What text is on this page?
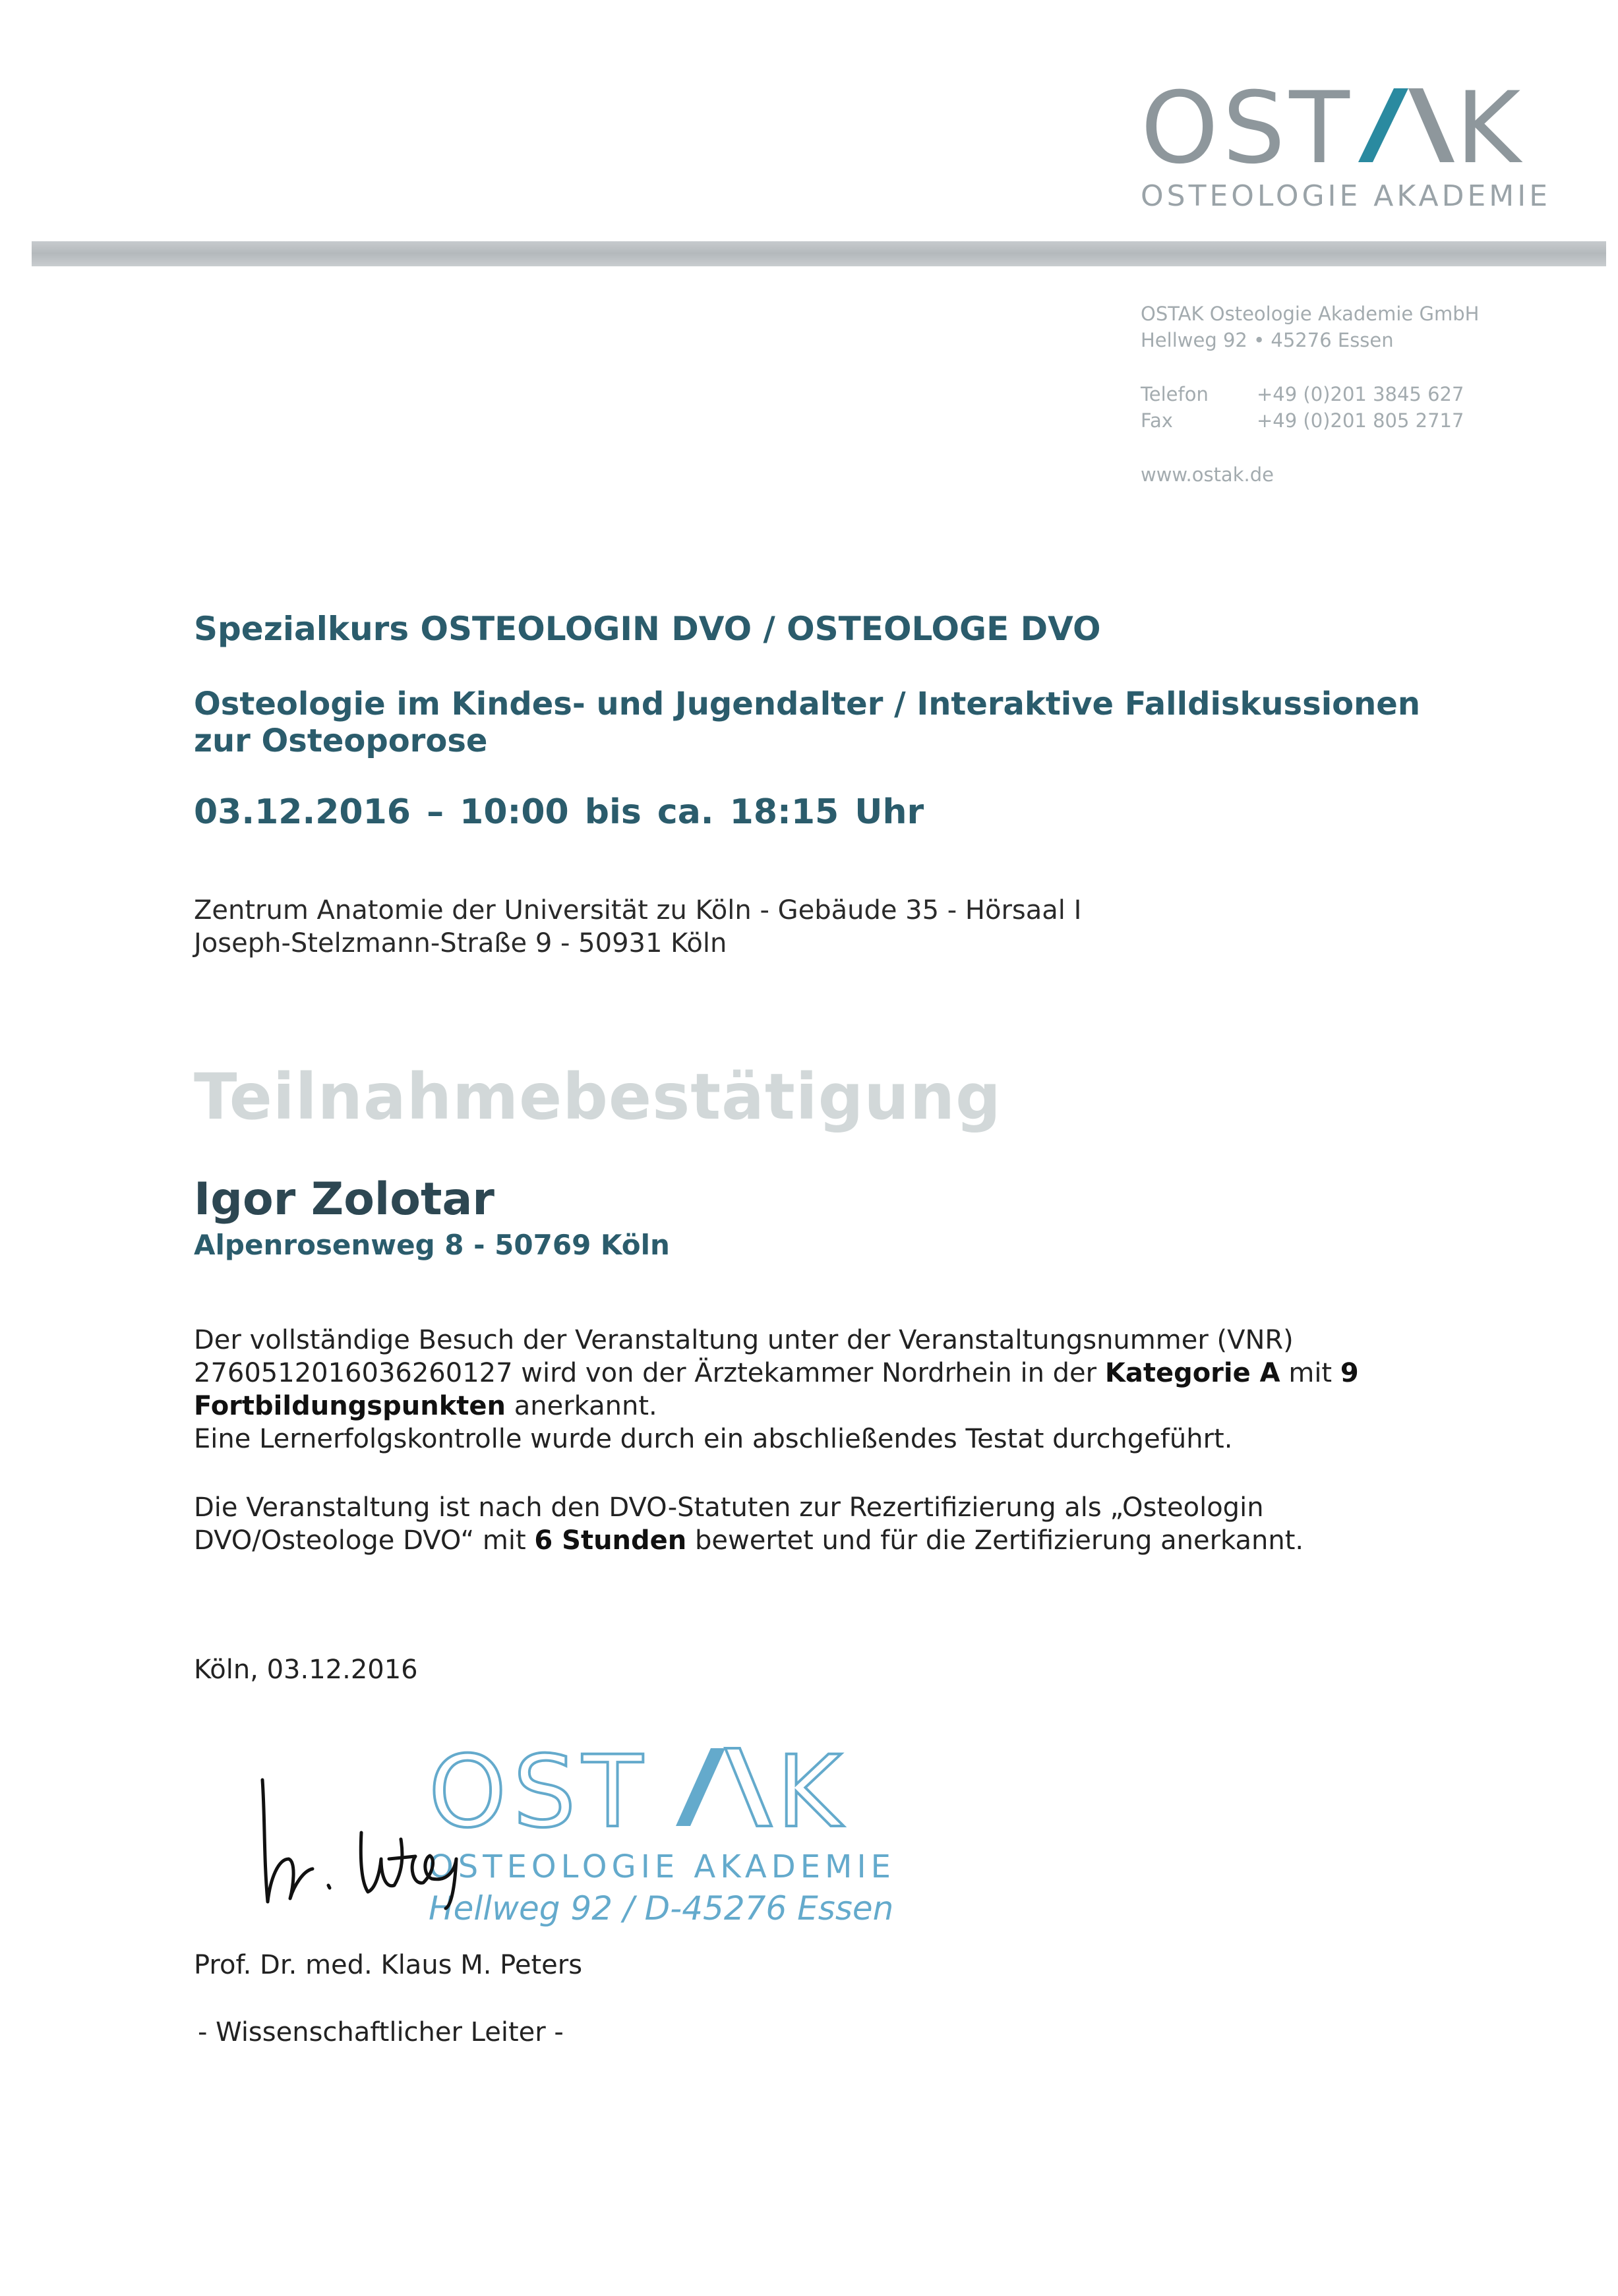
OST K
OSTEOLOGIE AKADEMIE
OSTAK Osteologie Akademie GmbH
Hellweg 92 • 45276 Essen
Telefon	+49 (0)201 3845 627
Fax	+49 (0)201 805 2717
www.ostak.de
Spezialkurs OSTEOLOGIN DVO / OSTEOLOGE DVO
Osteologie im Kindes- und Jugendalter / Interaktive Falldiskussionen zur Osteoporose
03.12.2016 – 10:00 bis ca. 18:15 Uhr
Zentrum Anatomie der Universität zu Köln - Gebäude 35 - Hörsaal I
Joseph-Stelzmann-Straße 9 - 50931 Köln
Teilnahmebestätigung
Igor Zolotar
Alpenrosenweg 8 - 50769 Köln
Der vollständige Besuch der Veranstaltung unter der Veranstaltungsnummer (VNR) 2760512016036260127 wird von der Ärztekammer Nordrhein in der Kategorie A mit 9 Fortbildungspunkten anerkannt.
Eine Lernerfolgskontrolle wurde durch ein abschließendes Testat durchgeführt.
Die Veranstaltung ist nach den DVO-Statuten zur Rezertifizierung als „Osteologin DVO/Osteologe DVO“ mit 6 Stunden bewertet und für die Zertifizierung anerkannt.
Köln, 03.12.2016
OST K
OSTEOLOGIE AKADEMIE
Hellweg 92 / D-45276 Essen
Prof. Dr. med. Klaus M. Peters
- Wissenschaftlicher Leiter -
